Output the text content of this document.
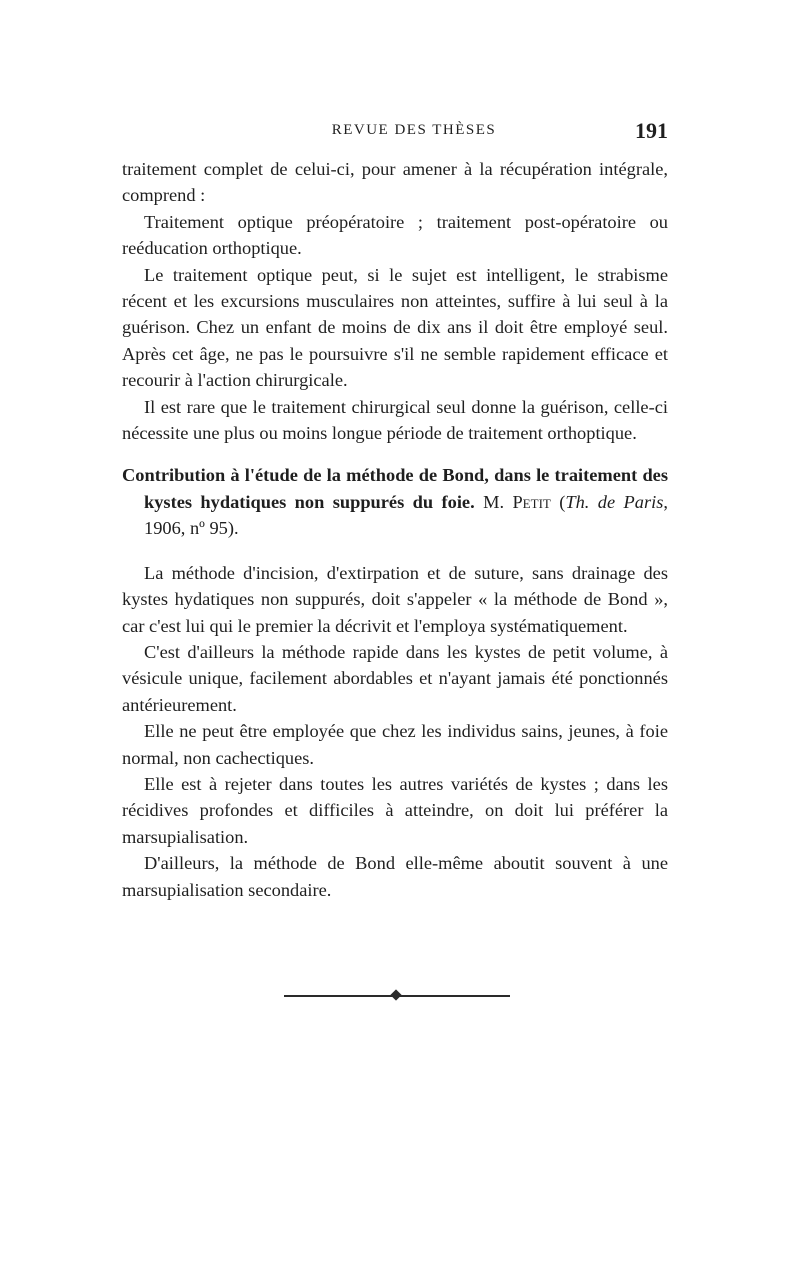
REVUE DES THÈSES	191

traitement complet de celui-ci, pour amener à la récupération intégrale, comprend :

Traitement optique préopératoire ; traitement post-opératoire ou reéducation orthoptique.

Le traitement optique peut, si le sujet est intelligent, le strabisme récent et les excursions musculaires non atteintes, suffire à lui seul à la guérison. Chez un enfant de moins de dix ans il doit être employé seul. Après cet âge, ne pas le poursuivre s'il ne semble rapidement efficace et recourir à l'action chirurgicale.

Il est rare que le traitement chirurgical seul donne la guérison, celle-ci nécessite une plus ou moins longue période de traitement orthoptique.

Contribution à l'étude de la méthode de Bond, dans le traitement des kystes hydatiques non suppurés du foie. M. Petit (Th. de Paris, 1906, nº 95).

La méthode d'incision, d'extirpation et de suture, sans drainage des kystes hydatiques non suppurés, doit s'appeler « la méthode de Bond », car c'est lui qui le premier la décrivit et l'employa systématiquement.

C'est d'ailleurs la méthode rapide dans les kystes de petit volume, à vésicule unique, facilement abordables et n'ayant jamais été ponctionnés antérieurement.

Elle ne peut être employée que chez les individus sains, jeunes, à foie normal, non cachectiques.

Elle est à rejeter dans toutes les autres variétés de kystes ; dans les récidives profondes et difficiles à atteindre, on doit lui préférer la marsupialisation.

D'ailleurs, la méthode de Bond elle-même aboutit souvent à une marsupialisation secondaire.
